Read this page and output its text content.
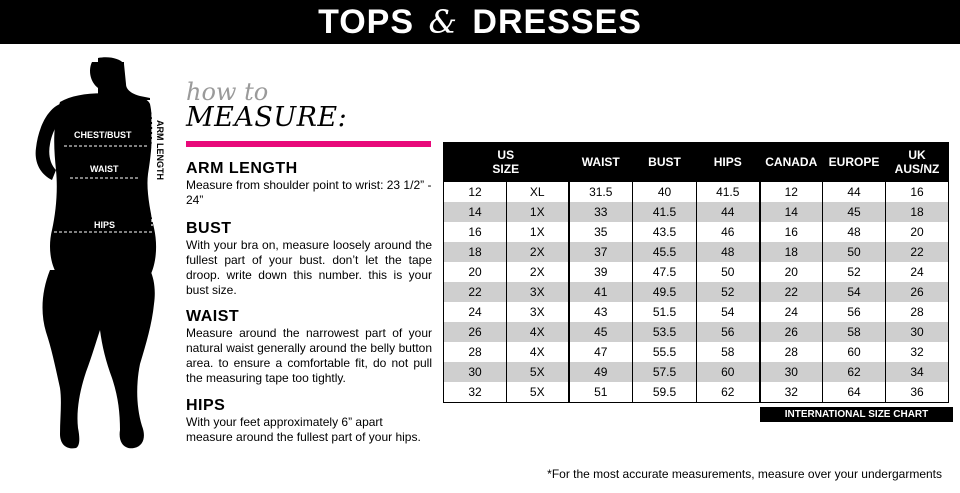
TOPS & DRESSES
CHEST/BUST
WAIST
HIPS
ARM LENGTH
how to
MEASURE:
ARM LENGTH
Measure from shoulder point to wrist: 23 1/2” - 24”
BUST
With your bra on, measure loosely around the fullest part of your bust. don’t let the tape droop. write down this number. this is your bust size.
WAIST
Measure around the narrowest part of your natural waist generally around the belly button area. to ensure a comfortable fit, do not pull the measuring tape too tightly.
HIPS
With your feet approximately 6” apart measure around the fullest part of your hips.
US
SIZE		WAIST	BUST	HIPS	CANADA	EUROPE	UK
AUS/NZ
12	XL	31.5	40	41.5	12	44	16
14	1X	33	41.5	44	14	45	18
16	1X	35	43.5	46	16	48	20
18	2X	37	45.5	48	18	50	22
20	2X	39	47.5	50	20	52	24
22	3X	41	49.5	52	22	54	26
24	3X	43	51.5	54	24	56	28
26	4X	45	53.5	56	26	58	30
28	4X	47	55.5	58	28	60	32
30	5X	49	57.5	60	30	62	34
32	5X	51	59.5	62	32	64	36
INTERNATIONAL SIZE CHART
*For the most accurate measurements, measure over your undergarments
